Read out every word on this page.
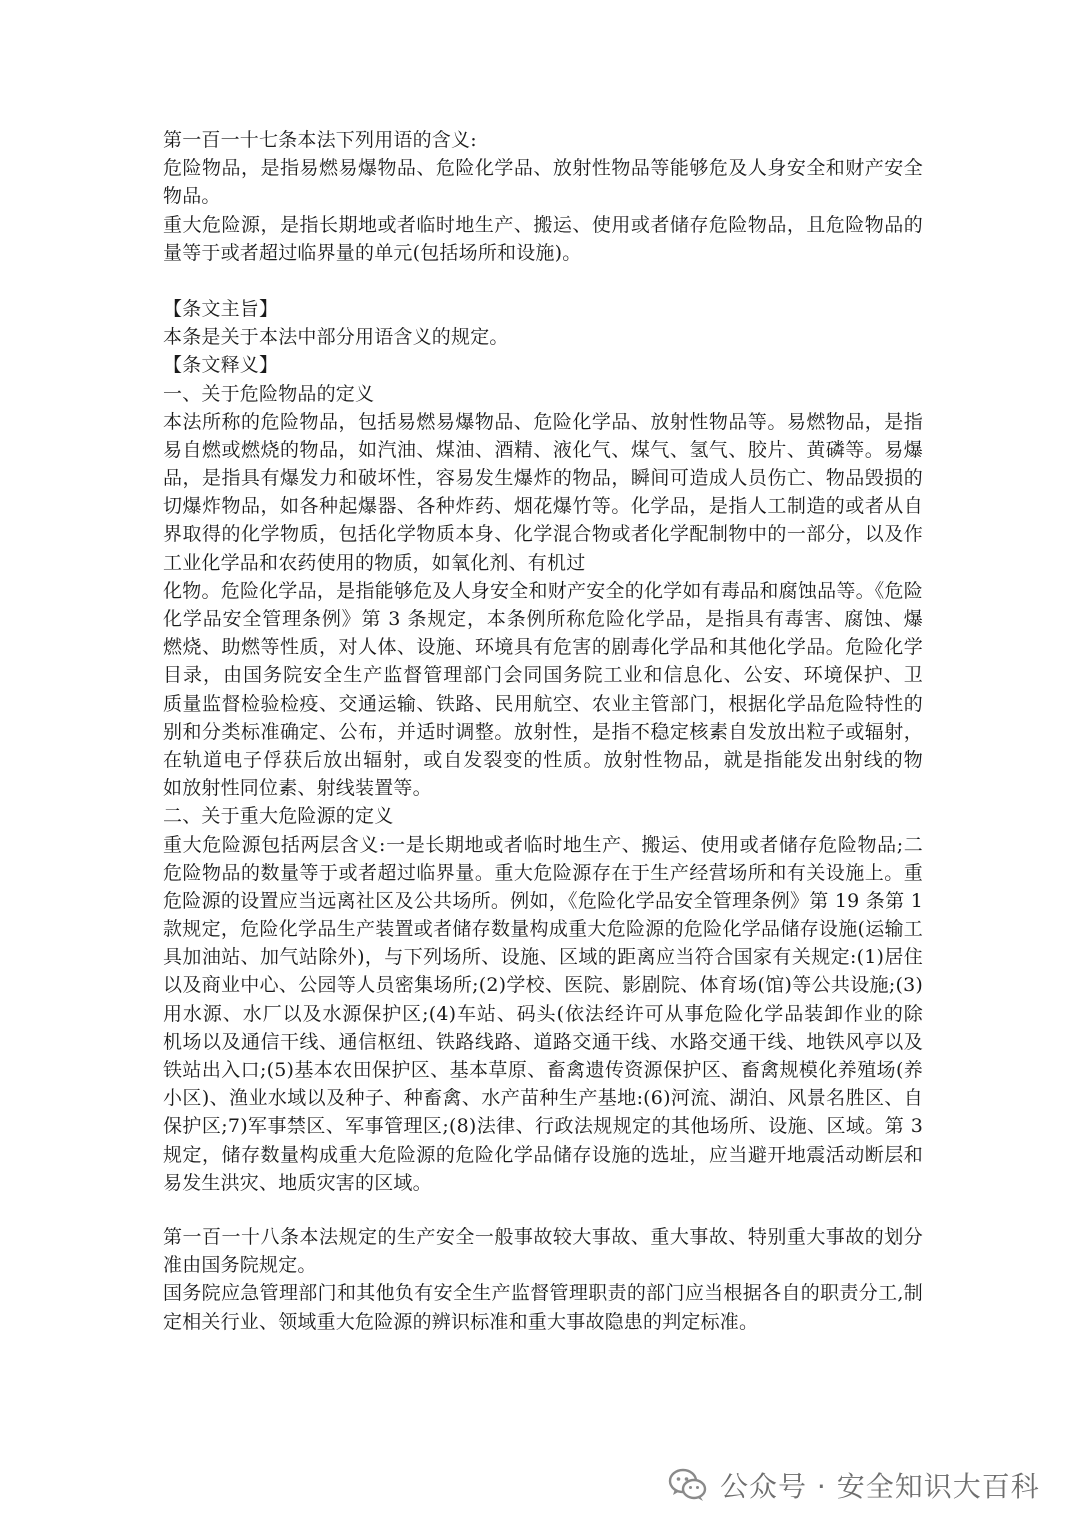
第一百一十七条本法下列用语的含义:
危险物品，是指易燃易爆物品、危险化学品、放射性物品等能够危及人身安全和财产安全
物品。
重大危险源，是指长期地或者临时地生产、搬运、使用或者储存危险物品，且危险物品的
量等于或者超过临界量的单元(包括场所和设施)。
【条文主旨】
本条是关于本法中部分用语含义的规定。
【条文释义】
一、关于危险物品的定义
本法所称的危险物品，包括易燃易爆物品、危险化学品、放射性物品等。易燃物品，是指
易自燃或燃烧的物品，如汽油、煤油、酒精、液化气、煤气、氢气、胶片、黄磷等。易爆
品，是指具有爆发力和破坏性，容易发生爆炸的物品，瞬间可造成人员伤亡、物品毁损的
切爆炸物品，如各种起爆器、各种炸药、烟花爆竹等。化学品，是指人工制造的或者从自
界取得的化学物质，包括化学物质本身、化学混合物或者化学配制物中的一部分，以及作
工业化学品和农药使用的物质，如氧化剂、有机过
化物。危险化学品，是指能够危及人身安全和财产安全的化学如有毒品和腐蚀品等。《危险
化学品安全管理条例》第 3 条规定，本条例所称危险化学品，是指具有毒害、腐蚀、爆
燃烧、助燃等性质，对人体、设施、环境具有危害的剧毒化学品和其他化学品。危险化学
目录，由国务院安全生产监督管理部门会同国务院工业和信息化、公安、环境保护、卫
质量监督检验检疫、交通运输、铁路、民用航空、农业主管部门，根据化学品危险特性的
别和分类标准确定、公布，并适时调整。放射性，是指不稳定核素自发放出粒子或辐射，
在轨道电子俘获后放出辐射，或自发裂变的性质。放射性物品，就是指能发出射线的物
如放射性同位素、射线装置等。
二、关于重大危险源的定义
重大危险源包括两层含义:一是长期地或者临时地生产、搬运、使用或者储存危险物品;二
危险物品的数量等于或者超过临界量。重大危险源存在于生产经营场所和有关设施上。重
危险源的设置应当远离社区及公共场所。例如，《危险化学品安全管理条例》第 19 条第 1
款规定，危险化学品生产装置或者储存数量构成重大危险源的危险化学品储存设施(运输工
具加油站、加气站除外)，与下列场所、设施、区域的距离应当符合国家有关规定:(1)居住
以及商业中心、公园等人员密集场所;(2)学校、医院、影剧院、体育场(馆)等公共设施;(3)
用水源、水厂以及水源保护区;(4)车站、码头(依法经许可从事危险化学品装卸作业的除
机场以及通信干线、通信枢纽、铁路线路、道路交通干线、水路交通干线、地铁风亭以及
铁站出入口;(5)基本农田保护区、基本草原、畜禽遗传资源保护区、畜禽规模化养殖场(养
小区)、渔业水域以及种子、种畜禽、水产苗种生产基地:(6)河流、湖泊、风景名胜区、自
保护区;7)军事禁区、军事管理区;(8)法律、行政法规规定的其他场所、设施、区域。第 3
规定，储存数量构成重大危险源的危险化学品储存设施的选址，应当避开地震活动断层和
易发生洪灾、地质灾害的区域。
第一百一十八条本法规定的生产安全一般事故较大事故、重大事故、特别重大事故的划分
准由国务院规定。
国务院应急管理部门和其他负有安全生产监督管理职责的部门应当根据各自的职责分工,制
定相关行业、领域重大危险源的辨识标准和重大事故隐患的判定标准。
公众号 · 安全知识大百科
